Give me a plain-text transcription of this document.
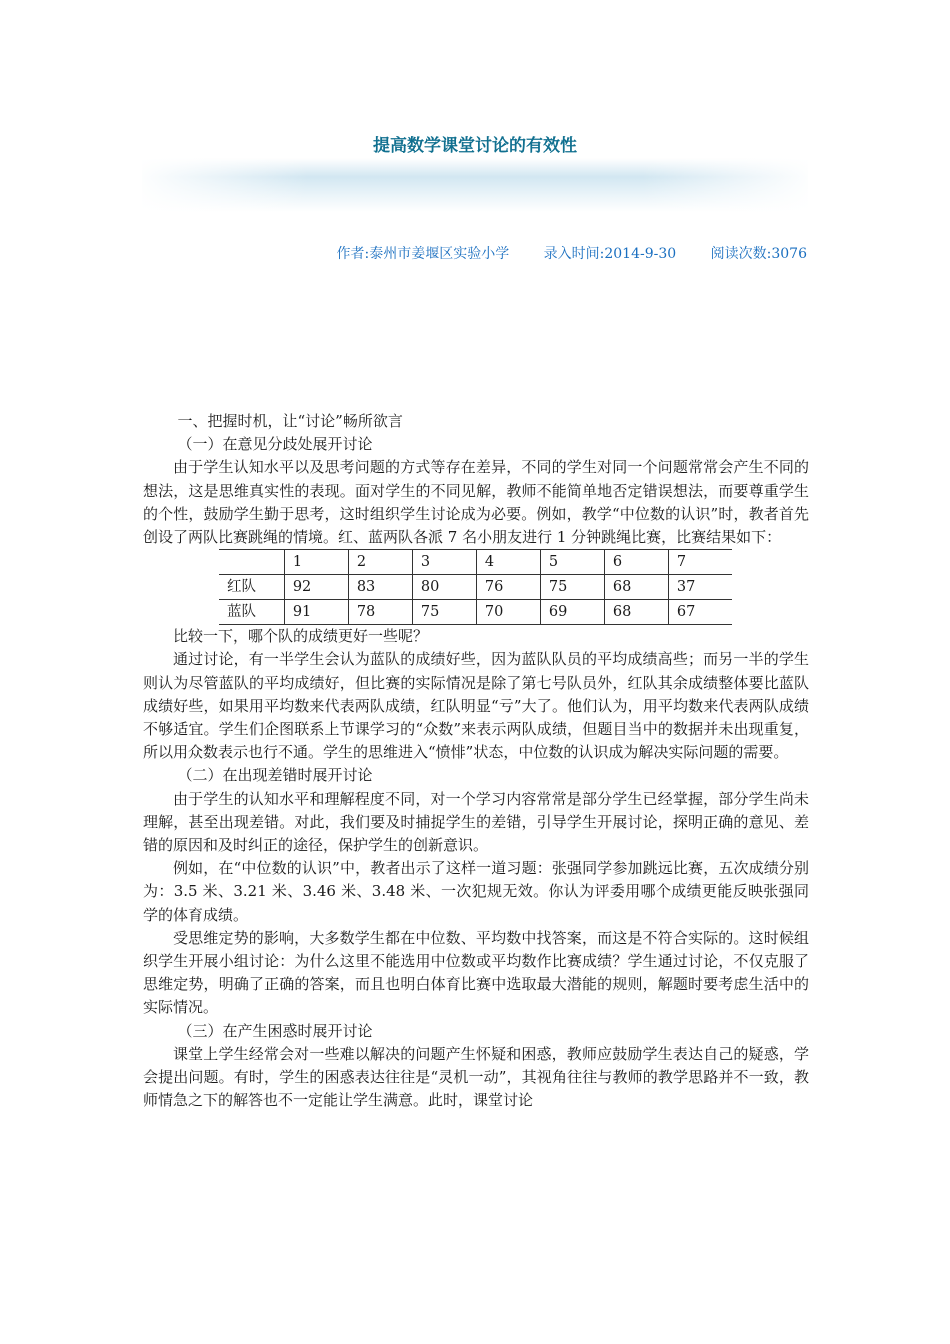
提高数学课堂讨论的有效性
作者:泰州市姜堰区实验小学 录入时间:2014-9-30 阅读次数:3076

一、把握时机，让“讨论”畅所欲言

（一）在意见分歧处展开讨论

由于学生认知水平以及思考问题的方式等存在差异，不同的学生对同一个问题常常会产生不同的想法，这是思维真实性的表现。面对学生的不同见解，教师不能简单地否定错误想法，而要尊重学生的个性，鼓励学生勤于思考，这时组织学生讨论成为必要。例如，教学“中位数的认识”时，教者首先创设了两队比赛跳绳的情境。红、蓝两队各派 7 名小朋友进行 1 分钟跳绳比赛，比赛结果如下：

	1	2	3	4	5	6	7
红队	92	83	80	76	75	68	37
蓝队	91	78	75	70	69	68	67

比较一下，哪个队的成绩更好一些呢？

通过讨论，有一半学生会认为蓝队的成绩好些，因为蓝队队员的平均成绩高些；而另一半的学生则认为尽管蓝队的平均成绩好，但比赛的实际情况是除了第七号队员外，红队其余成绩整体要比蓝队成绩好些，如果用平均数来代表两队成绩，红队明显“亏”大了。他们认为，用平均数来代表两队成绩不够适宜。学生们企图联系上节课学习的“众数”来表示两队成绩，但题目当中的数据并未出现重复，所以用众数表示也行不通。学生的思维进入“愤悱”状态，中位数的认识成为解决实际问题的需要。

（二）在出现差错时展开讨论

由于学生的认知水平和理解程度不同，对一个学习内容常常是部分学生已经掌握，部分学生尚未理解，甚至出现差错。对此，我们要及时捕捉学生的差错，引导学生开展讨论，探明正确的意见、差错的原因和及时纠正的途径，保护学生的创新意识。

例如，在“中位数的认识”中，教者出示了这样一道习题：张强同学参加跳远比赛，五次成绩分别为：3.5 米、3.21 米、3.46 米、3.48 米、一次犯规无效。你认为评委用哪个成绩更能反映张强同学的体育成绩。

受思维定势的影响，大多数学生都在中位数、平均数中找答案，而这是不符合实际的。这时候组织学生开展小组讨论：为什么这里不能选用中位数或平均数作比赛成绩？学生通过讨论，不仅克服了思维定势，明确了正确的答案，而且也明白体育比赛中选取最大潜能的规则，解题时要考虑生活中的实际情况。

（三）在产生困惑时展开讨论

课堂上学生经常会对一些难以解决的问题产生怀疑和困惑，教师应鼓励学生表达自己的疑惑，学会提出问题。有时，学生的困惑表达往往是“灵机一动”，其视角往往与教师的教学思路并不一致，教师情急之下的解答也不一定能让学生满意。此时，课堂讨论
